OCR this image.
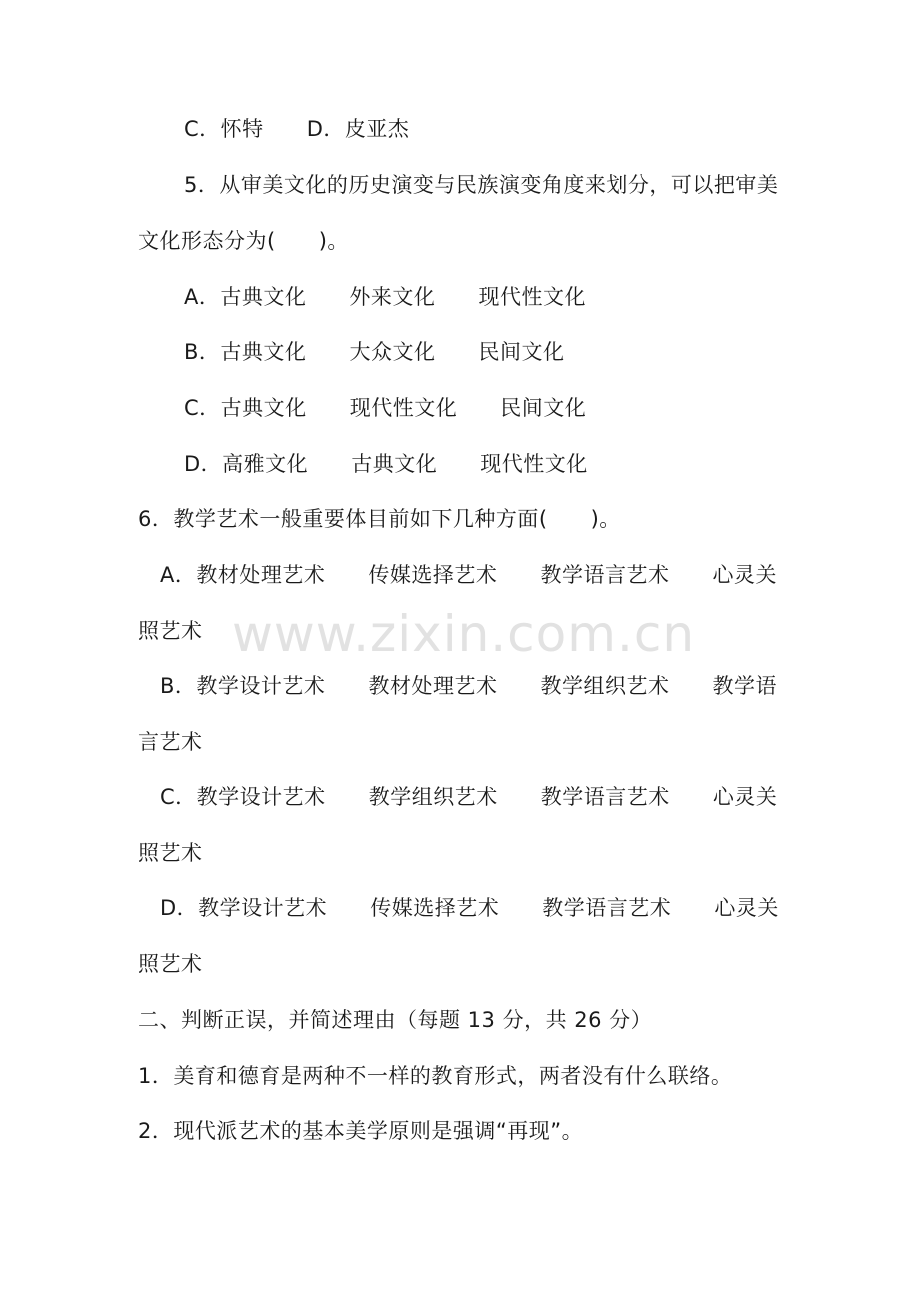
www.zixin.com.cn
C．怀特      D．皮亚杰
5．从审美文化的历史演变与民族演变角度来划分，可以把审美
文化形态分为(      )。
A．古典文化      外来文化      现代性文化
B．古典文化      大众文化      民间文化
C．古典文化      现代性文化      民间文化
D．高雅文化      古典文化      现代性文化
6．教学艺术一般重要体目前如下几种方面(      )。
A．教材处理艺术      传媒选择艺术      教学语言艺术      心灵关
照艺术
B．教学设计艺术      教材处理艺术      教学组织艺术      教学语
言艺术
C．教学设计艺术      教学组织艺术      教学语言艺术      心灵关
照艺术
D．教学设计艺术      传媒选择艺术      教学语言艺术      心灵关
照艺术
二、判断正误，并简述理由（每题 13 分，共 26 分）
1．美育和德育是两种不一样的教育形式，两者没有什么联络。
2．现代派艺术的基本美学原则是强调“再现”。
